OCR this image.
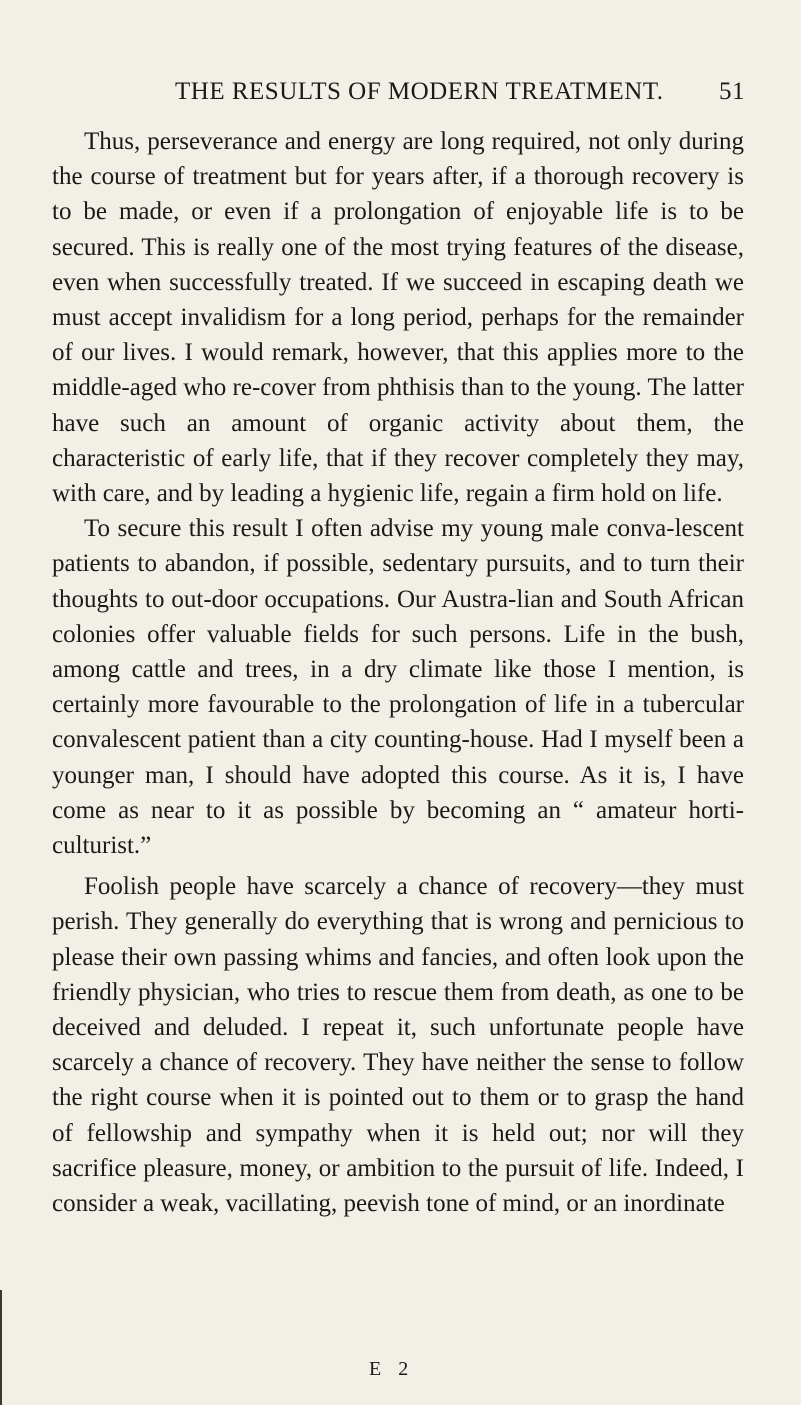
THE RESULTS OF MODERN TREATMENT. 51

Thus, perseverance and energy are long required, not only during the course of treatment but for years after, if a thorough recovery is to be made, or even if a prolongation of enjoyable life is to be secured. This is really one of the most trying features of the disease, even when successfully treated. If we succeed in escaping death we must accept invalidism for a long period, perhaps for the remainder of our lives. I would remark, however, that this applies more to the middle-aged who re-cover from phthisis than to the young. The latter have such an amount of organic activity about them, the characteristic of early life, that if they recover completely they may, with care, and by leading a hygienic life, regain a firm hold on life.

To secure this result I often advise my young male conva-lescent patients to abandon, if possible, sedentary pursuits, and to turn their thoughts to out-door occupations. Our Austra-lian and South African colonies offer valuable fields for such persons. Life in the bush, among cattle and trees, in a dry climate like those I mention, is certainly more favourable to the prolongation of life in a tubercular convalescent patient than a city counting-house. Had I myself been a younger man, I should have adopted this course. As it is, I have come as near to it as possible by becoming an “ amateur horti-culturist.”

Foolish people have scarcely a chance of recovery—they must perish. They generally do everything that is wrong and pernicious to please their own passing whims and fancies, and often look upon the friendly physician, who tries to rescue them from death, as one to be deceived and deluded. I repeat it, such unfortunate people have scarcely a chance of recovery. They have neither the sense to follow the right course when it is pointed out to them or to grasp the hand of fellowship and sympathy when it is held out; nor will they sacrifice pleasure, money, or ambition to the pursuit of life. Indeed, I consider a weak, vacillating, peevish tone of mind, or an inordinate

E 2
